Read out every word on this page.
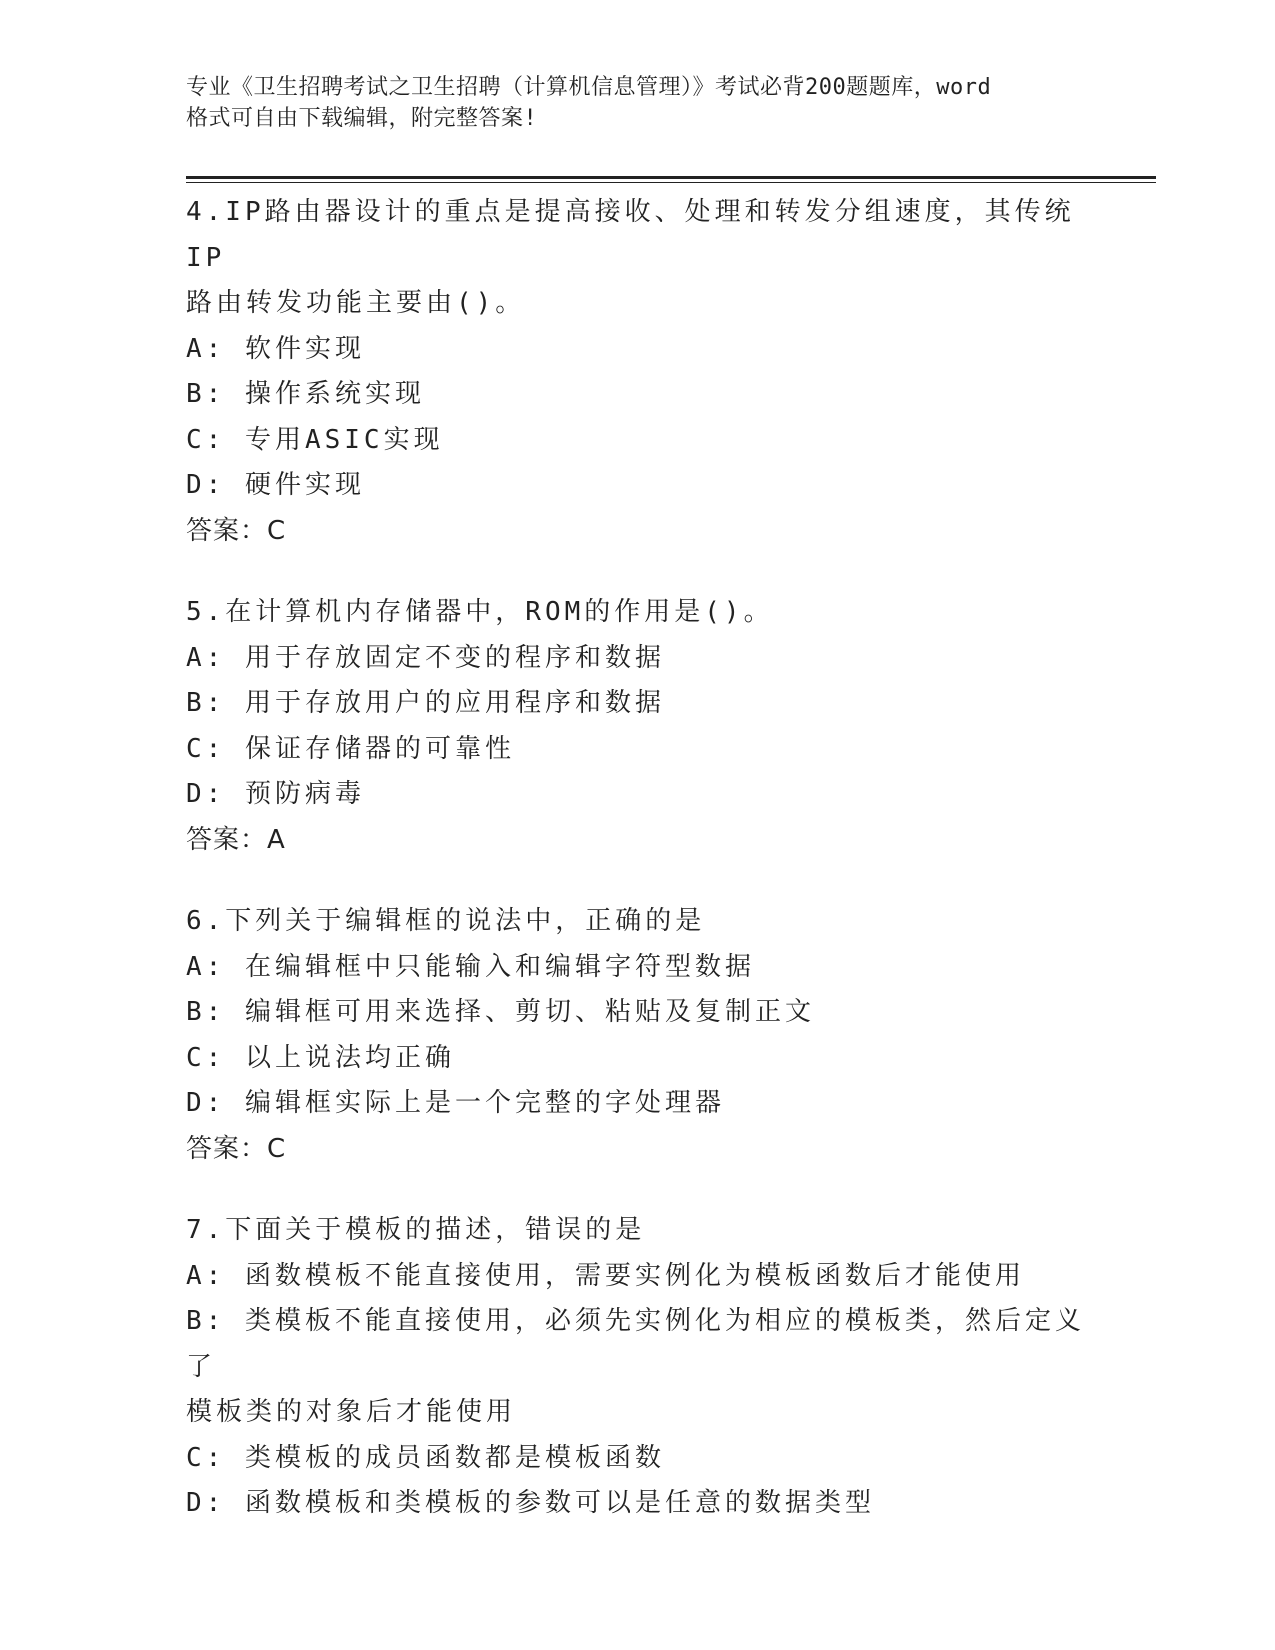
专业《卫生招聘考试之卫生招聘（计算机信息管理）》考试必背200题题库，word
格式可自由下载编辑，附完整答案!
4.IP路由器设计的重点是提高接收、处理和转发分组速度，其传统IP
路由转发功能主要由()。
A: 软件实现
B: 操作系统实现
C: 专用ASIC实现
D: 硬件实现
答案：C
5.在计算机内存储器中，ROM的作用是()。
A: 用于存放固定不变的程序和数据
B: 用于存放用户的应用程序和数据
C: 保证存储器的可靠性
D: 预防病毒
答案：A
6.下列关于编辑框的说法中，正确的是
A: 在编辑框中只能输入和编辑字符型数据
B: 编辑框可用来选择、剪切、粘贴及复制正文
C: 以上说法均正确
D: 编辑框实际上是一个完整的字处理器
答案：C
7.下面关于模板的描述，错误的是
A: 函数模板不能直接使用，需要实例化为模板函数后才能使用
B: 类模板不能直接使用，必须先实例化为相应的模板类，然后定义了
模板类的对象后才能使用
C: 类模板的成员函数都是模板函数
D: 函数模板和类模板的参数可以是任意的数据类型
